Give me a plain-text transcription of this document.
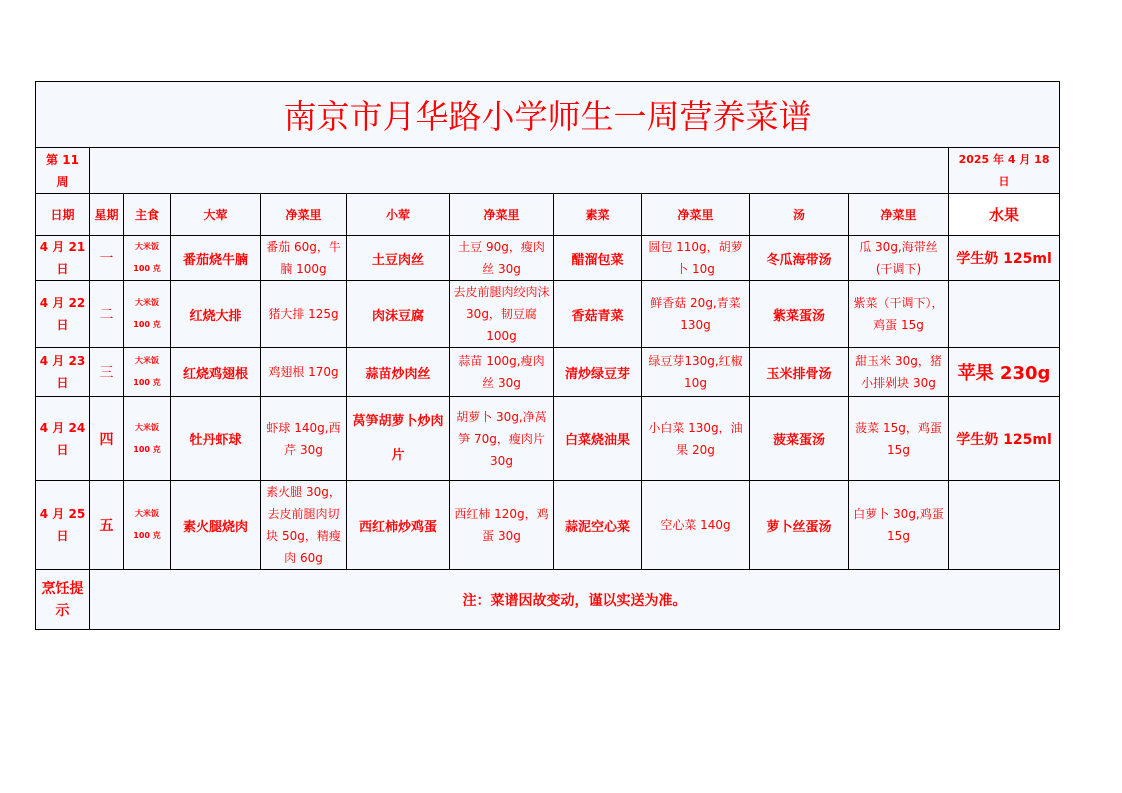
南京市月华路小学师生一周营养菜谱											
第 11 周											2025 年 4 月 18 日
日期	星期	主食	大荤	净菜里	小荤	净菜里	素菜	净菜里	汤	净菜里	水果
4 月 21 日	一	大米饭 100 克	番茄烧牛腩	番茄 60g，牛腩 100g	土豆肉丝	土豆 90g，瘦肉丝 30g	醋溜包菜	圆包 110g，胡萝卜 10g	冬瓜海带汤	瓜 30g,海带丝(干调下)	学生奶 125ml
4 月 22 日	二	大米饭 100 克	红烧大排	猪大排 125g	肉沫豆腐	去皮前腿肉绞肉沫 30g，韧豆腐 100g	香菇青菜	鲜香菇 20g,青菜 130g	紫菜蛋汤	紫菜（干调下），鸡蛋 15g	
4 月 23 日	三	大米饭 100 克	红烧鸡翅根	鸡翅根 170g	蒜苗炒肉丝	蒜苗 100g,瘦肉丝 30g	清炒绿豆芽	绿豆芽130g,红椒 10g	玉米排骨汤	甜玉米 30g，猪小排剁块 30g	苹果 230g
4 月 24 日	四	大米饭 100 克	牡丹虾球	虾球 140g,西芹 30g	莴笋胡萝卜炒肉片	胡萝卜 30g,净莴笋 70g，瘦肉片 30g	白菜烧油果	小白菜 130g，油果 20g	菠菜蛋汤	菠菜 15g，鸡蛋 15g	学生奶 125ml
4 月 25 日	五	大米饭 100 克	素火腿烧肉	素火腿 30g，去皮前腿肉切块 50g，精瘦肉 60g	西红柿炒鸡蛋	西红柿 120g，鸡蛋 30g	蒜泥空心菜	空心菜 140g	萝卜丝蛋汤	白萝卜 30g,鸡蛋 15g	
烹饪提示	注：菜谱因故变动，谨以实送为准。										
